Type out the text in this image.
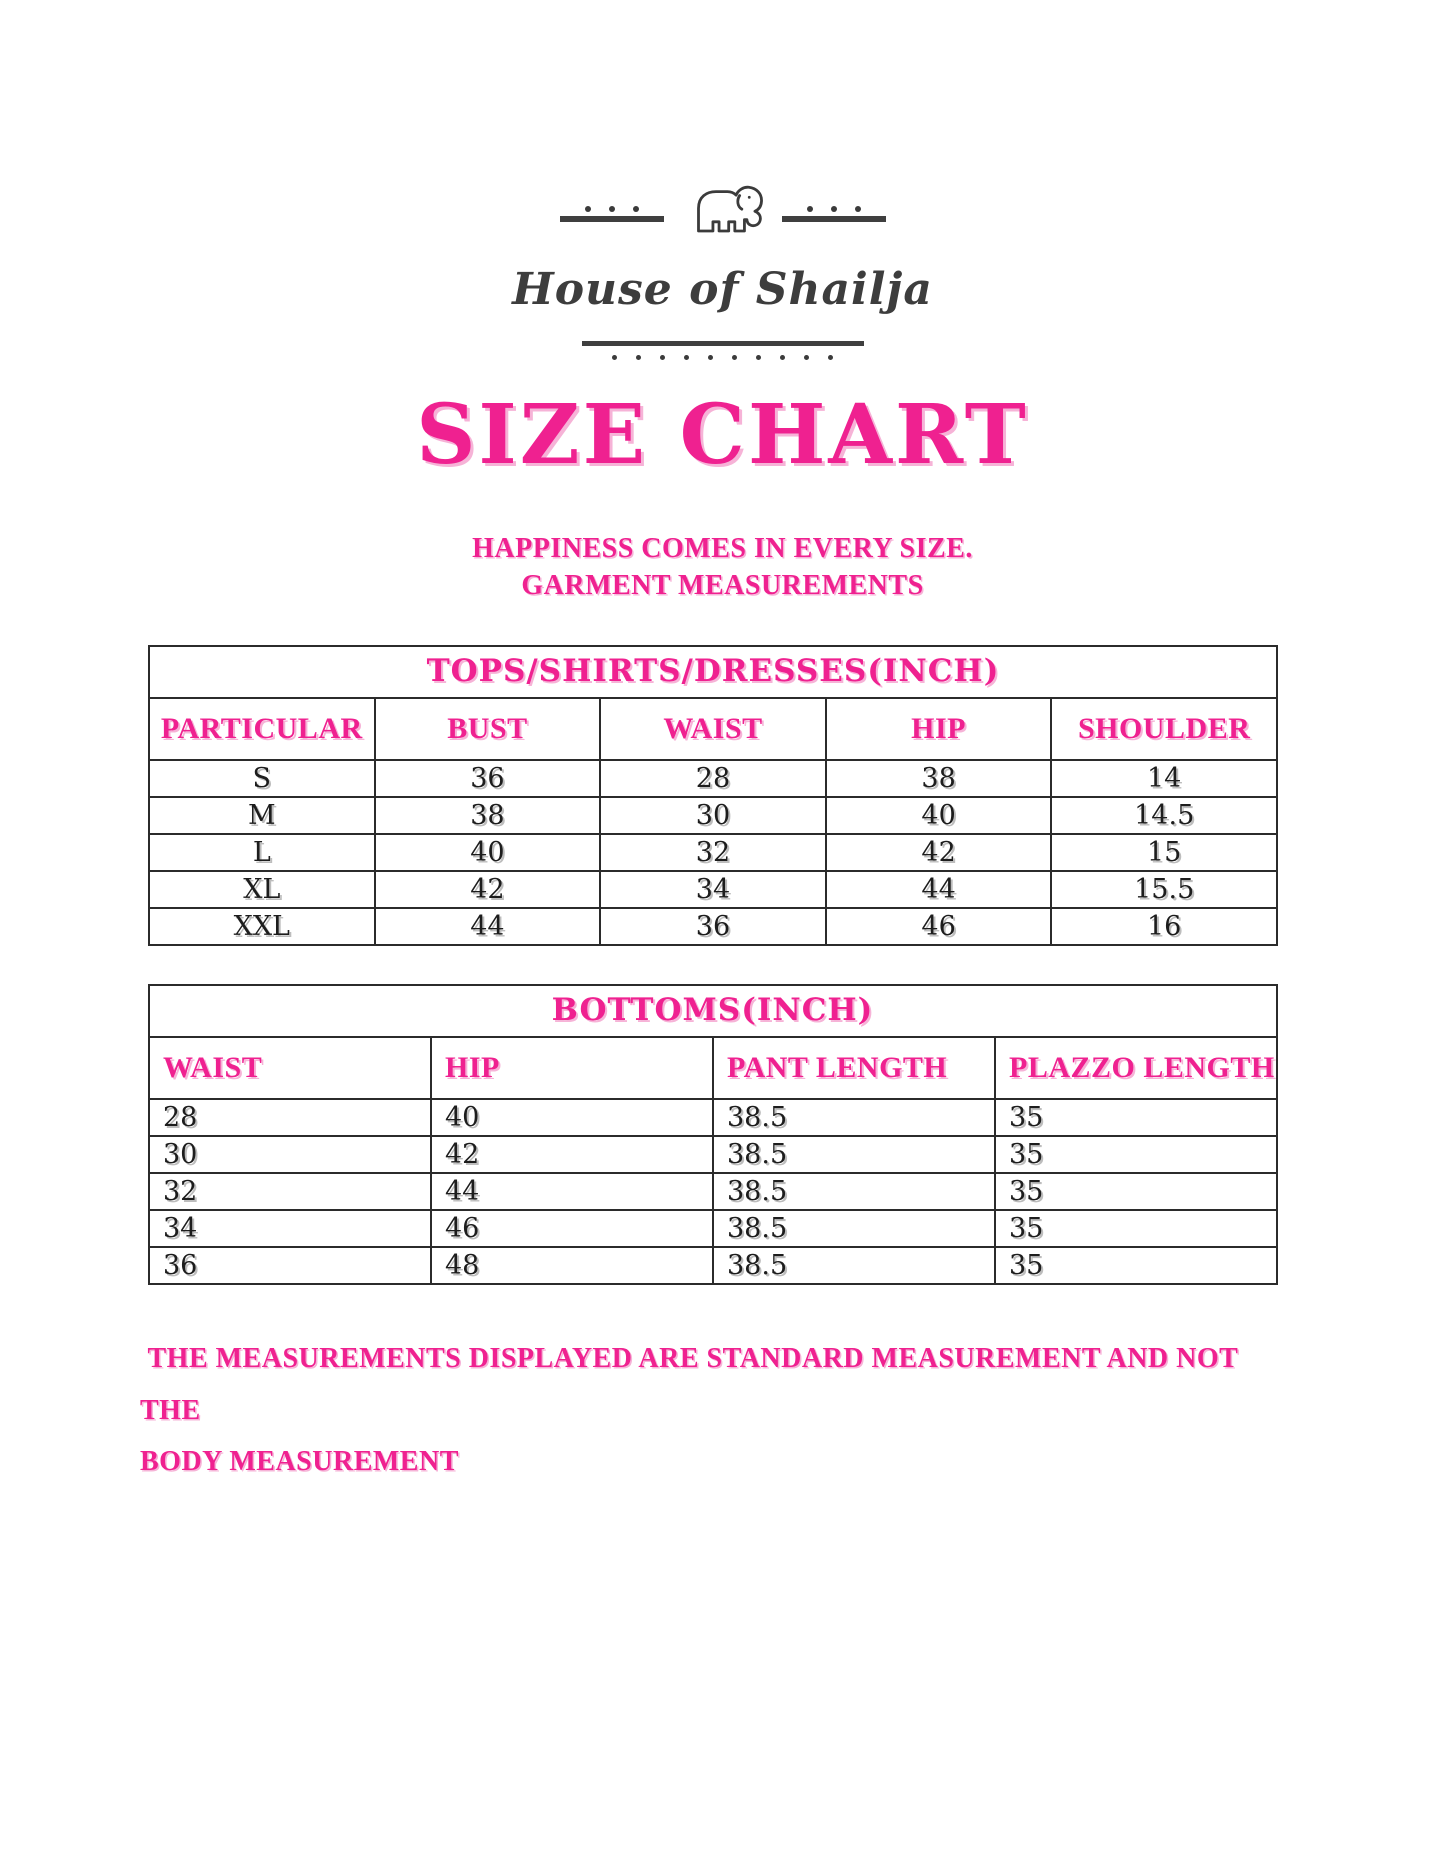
House of Shailja
SIZE CHART
HAPPINESS COMES IN EVERY SIZE.
GARMENT MEASUREMENTS
TOPS/SHIRTS/DRESSES(INCH)				
PARTICULAR	BUST	WAIST	HIP	SHOULDER
S	36	28	38	14
M	38	30	40	14.5
L	40	32	42	15
XL	42	34	44	15.5
XXL	44	36	46	16
BOTTOMS(INCH)			
WAIST	HIP	PANT LENGTH	PLAZZO LENGTH
28	40	38.5	35
30	42	38.5	35
32	44	38.5	35
34	46	38.5	35
36	48	38.5	35

THE MEASUREMENTS DISPLAYED ARE STANDARD MEASUREMENT AND NOT THE
BODY MEASUREMENT
